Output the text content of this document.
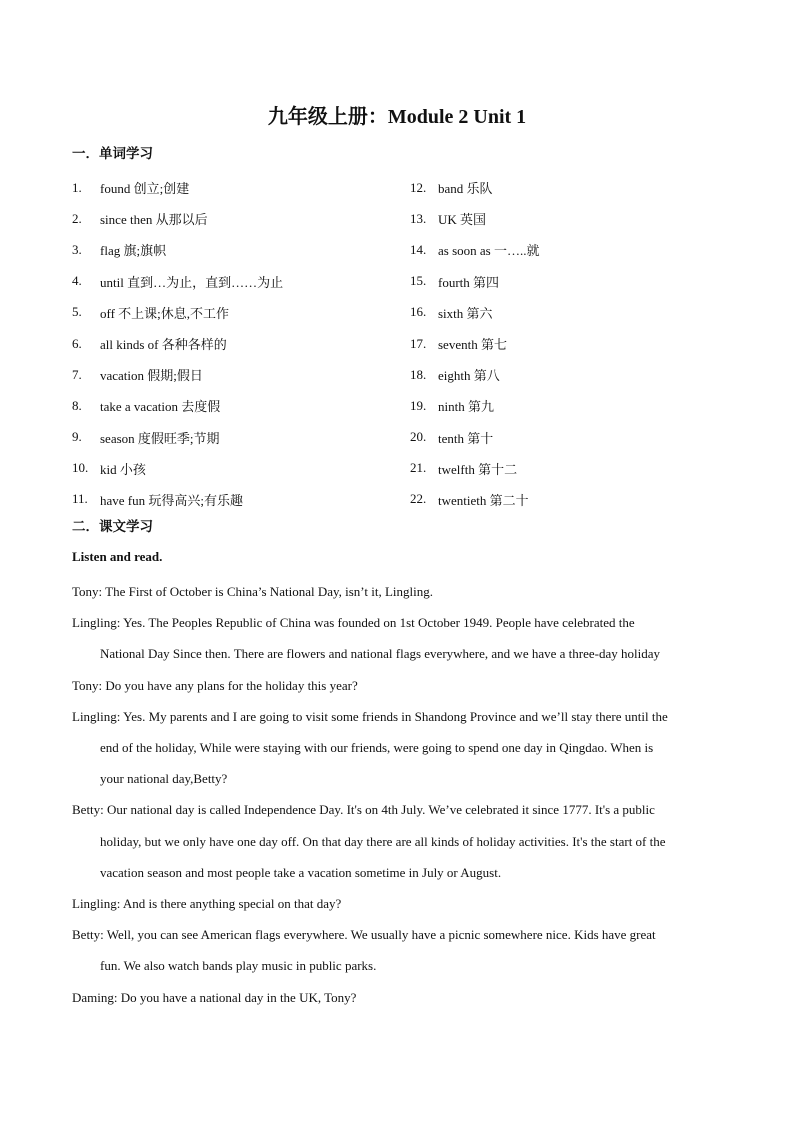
九年级上册：Module 2 Unit 1
一．单词学习
1.	found 创立;创建
2.	since then 从那以后
3.	flag 旗;旗帜
4.	until 直到…为止，直到……为止
5.	off 不上课;休息,不工作
6.	all kinds of 各种各样的
7.	vacation 假期;假日
8.	take a vacation 去度假
9.	season 度假旺季;节期
10. kid 小孩
11. have fun 玩得高兴;有乐趣
12. band 乐队
13. UK 英国
14. as soon as 一…..就
15. fourth 第四
16. sixth 第六
17. seventh 第七
18. eighth 第八
19. ninth 第九
20. tenth 第十
21. twelfth 第十二
22. twentieth 第二十
二．课文学习
Listen and read.
Tony: The First of October is China’s National Day, isn’t it, Lingling.
Lingling: Yes. The Peoples Republic of China was founded on 1st October 1949. People have celebrated the
National Day Since then. There are flowers and national flags everywhere, and we have a three-day holiday
Tony: Do you have any plans for the holiday this year?
Lingling: Yes. My parents and I are going to visit some friends in Shandong Province and we’ll stay there until the
end of the holiday, While were staying with our friends, were going to spend one day in Qingdao. When is
your national day,Betty?
Betty: Our national day is called Independence Day. It's on 4th July. We’ve celebrated it since 1777. It's a public
holiday, but we only have one day off. On that day there are all kinds of holiday activities. It's the start of the
vacation season and most people take a vacation sometime in July or August.
Lingling: And is there anything special on that day?
Betty: Well, you can see American flags everywhere. We usually have a picnic somewhere nice. Kids have great
fun. We also watch bands play music in public parks.
Daming: Do you have a national day in the UK, Tony?
